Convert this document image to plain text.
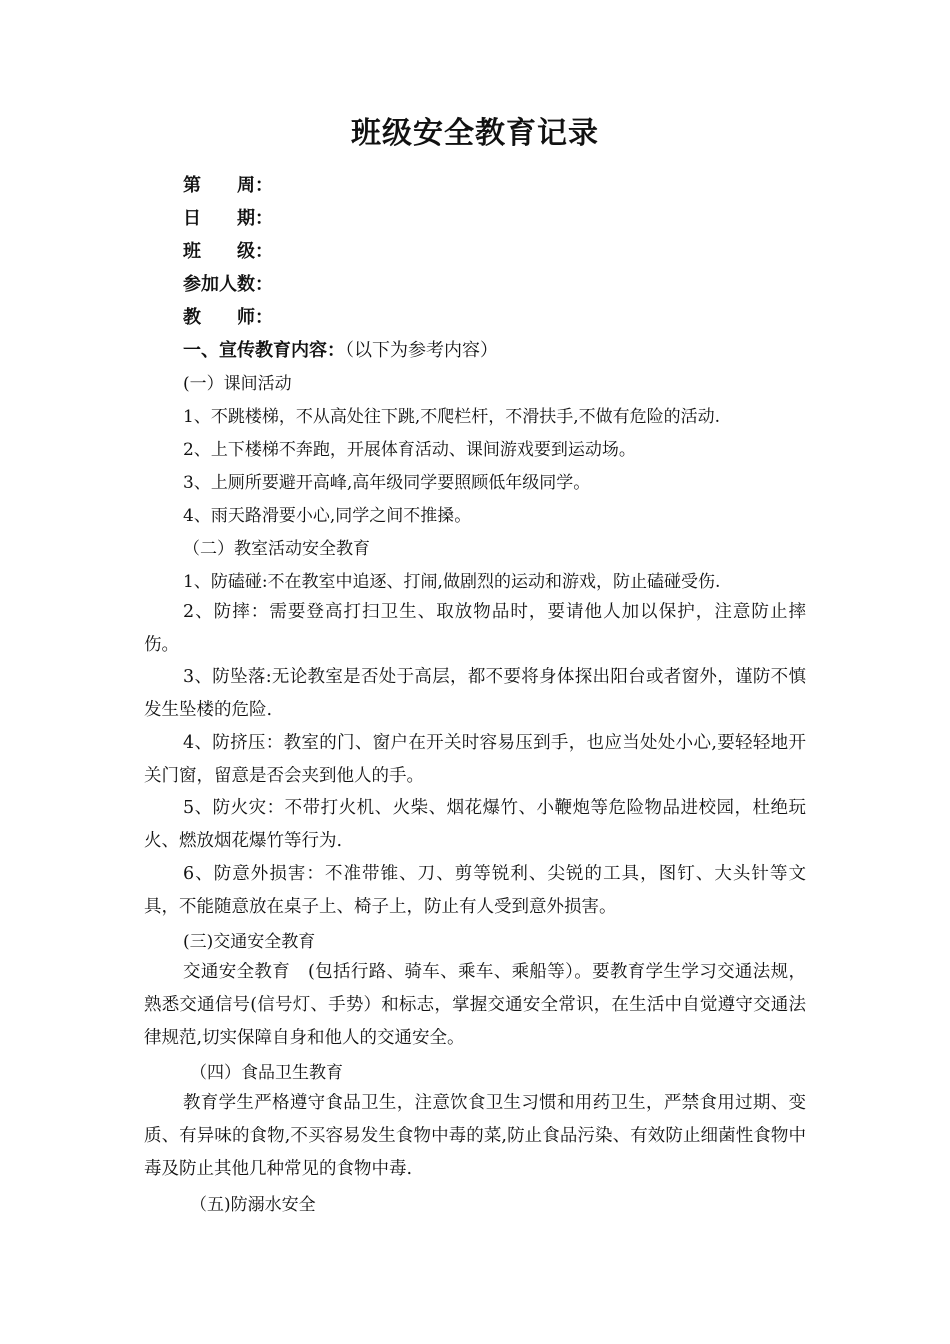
班级安全教育记录
第　　周：
日　　期：
班　　级：
参加人数：
教　　师：
一、宣传教育内容：（以下为参考内容）
(一）课间活动
1、不跳楼梯，不从高处往下跳,不爬栏杆，不滑扶手,不做有危险的活动.
2、上下楼梯不奔跑，开展体育活动、课间游戏要到运动场。
3、上厕所要避开高峰,高年级同学要照顾低年级同学。
4、雨天路滑要小心,同学之间不推搡。
（二）教室活动安全教育
1、防磕碰:不在教室中追逐、打闹,做剧烈的运动和游戏，防止磕碰受伤.
2、防摔：需要登高打扫卫生、取放物品时，要请他人加以保护，注意防止摔伤。
3、防坠落:无论教室是否处于高层，都不要将身体探出阳台或者窗外，谨防不慎发生坠楼的危险.
4、防挤压：教室的门、窗户在开关时容易压到手，也应当处处小心,要轻轻地开关门窗，留意是否会夹到他人的手。
5、防火灾：不带打火机、火柴、烟花爆竹、小鞭炮等危险物品进校园，杜绝玩火、燃放烟花爆竹等行为.
6、防意外损害：不准带锥、刀、剪等锐利、尖锐的工具，图钉、大头针等文具，不能随意放在桌子上、椅子上，防止有人受到意外损害。
(三)交通安全教育
交通安全教育　(包括行路、骑车、乘车、乘船等）。要教育学生学习交通法规，熟悉交通信号(信号灯、手势）和标志，掌握交通安全常识，在生活中自觉遵守交通法律规范,切实保障自身和他人的交通安全。
（四）食品卫生教育
教育学生严格遵守食品卫生，注意饮食卫生习惯和用药卫生，严禁食用过期、变质、有异味的食物,不买容易发生食物中毒的菜,防止食品污染、有效防止细菌性食物中毒及防止其他几种常见的食物中毒.
（五)防溺水安全
